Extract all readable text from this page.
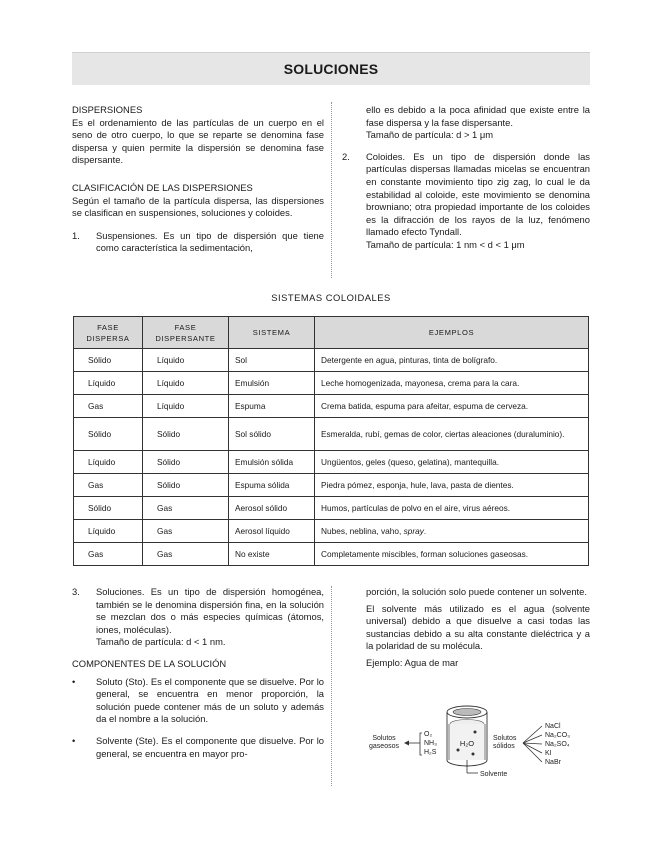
SOLUCIONES
DISPERSIONES
Es el ordenamiento de las partículas de un cuerpo en el seno de otro cuerpo, lo que se reparte se denomina fase dispersa y quien permite la dispersión se denomina fase dispersante.
CLASIFICACIÓN DE LAS DISPERSIONES
Según el tamaño de la partícula dispersa, las dispersiones se clasifican en suspensiones, soluciones y coloides.
1. Suspensiones. Es un tipo de dispersión que tiene como característica la sedimentación,
ello es debido a la poca afinidad que existe entre la fase dispersa y la fase dispersante.
Tamaño de partícula: d > 1 μm
2. Coloides. Es un tipo de dispersión donde las partículas dispersas llamadas micelas se encuentran en constante movimiento tipo zig zag, lo cual le da estabilidad al coloide, este movimiento se denomina browniano; otra propiedad importante de los coloides es la difracción de los rayos de la luz, fenómeno llamado efecto Tyndall.
Tamaño de partícula: 1 nm < d < 1 μm
SISTEMAS COLOIDALES
FASE DISPERSA	FASE DISPERSANTE	SISTEMA	EJEMPLOS
Sólido	Líquido	Sol	Detergente en agua, pinturas, tinta de bolígrafo.
Líquido	Líquido	Emulsión	Leche homogenizada, mayonesa, crema para la cara.
Gas	Líquido	Espuma	Crema batida, espuma para afeitar, espuma de cerveza.
Sólido	Sólido	Sol sólido	Esmeralda, rubí, gemas de color, ciertas aleaciones (duraluminio).
Líquido	Sólido	Emulsión sólida	Ungüentos, geles (queso, gelatina), mantequilla.
Gas	Sólido	Espuma sólida	Piedra pómez, esponja, hule, lava, pasta de dientes.
Sólido	Gas	Aerosol sólido	Humos, partículas de polvo en el aire, virus aéreos.
Líquido	Gas	Aerosol líquido	Nubes, neblina, vaho, spray.
Gas	Gas	No existe	Completamente miscibles, forman soluciones gaseosas.
3. Soluciones. Es un tipo de dispersión homogénea, también se le denomina dispersión fina, en la solución se mezclan dos o más especies químicas (átomos, iones, moléculas).
Tamaño de partícula: d < 1 nm.
COMPONENTES DE LA SOLUCIÓN
• Soluto (Sto). Es el componente que se disuelve. Por lo general, se encuentra en menor proporción, la solución puede contener más de un soluto y además da el nombre a la solución.
• Solvente (Ste). Es el componente que disuelve. Por lo general, se encuentra en mayor pro-
porción, la solución solo puede contener un solvente.
El solvente más utilizado es el agua (solvente universal) debido a que disuelve a casi todas las sustancias debido a su alta constante dieléctrica y a la polaridad de su molécula.
Ejemplo: Agua de mar
Solutos
gaseosos
O₂
NH₃
H₂S
H₂O
Solvente
Solutos
sólidos
NaCl
Na₂CO₃
Na₂SO₄
KI
NaBr
